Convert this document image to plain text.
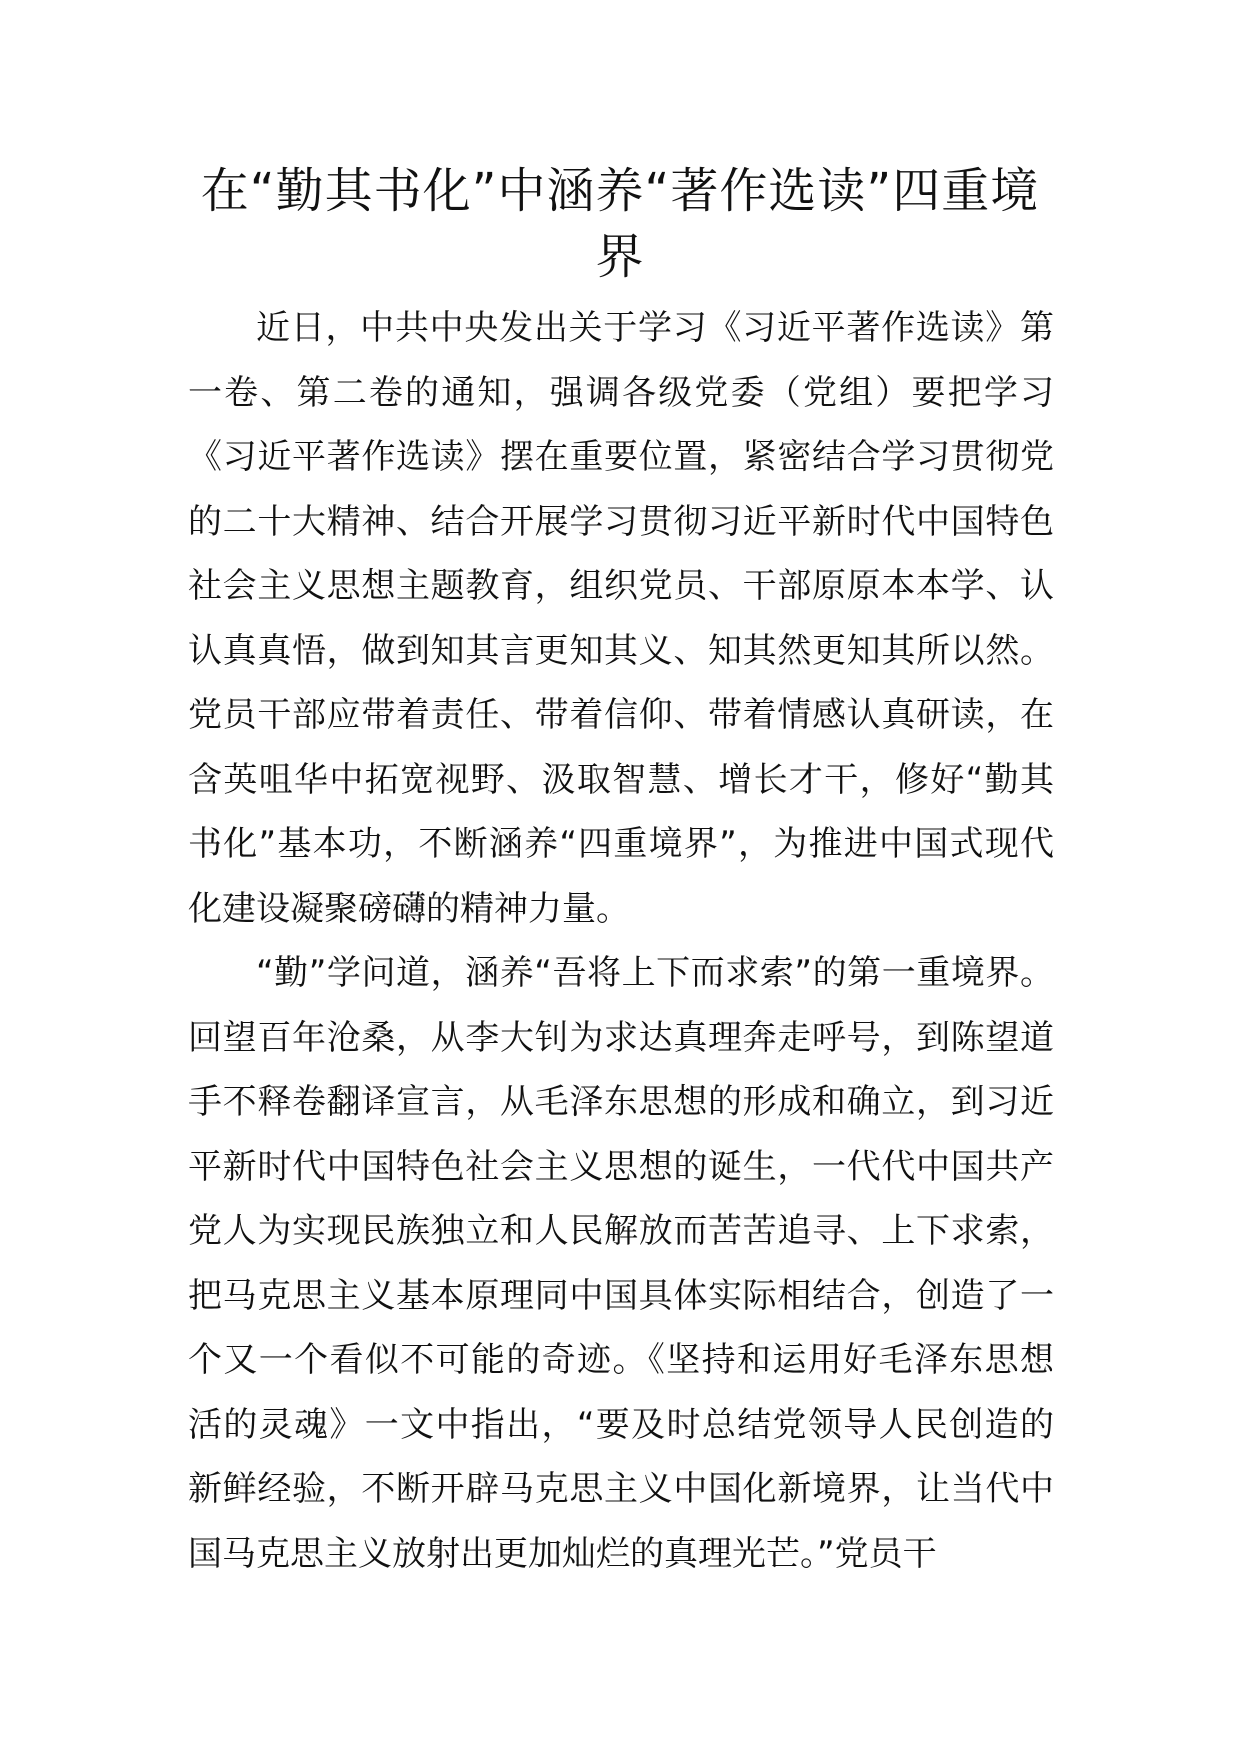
在“勤其书化”中涵养“著作选读”四重境界

近日，中共中央发出关于学习《习近平著作选读》第一卷、第二卷的通知，强调各级党委（党组）要把学习《习近平著作选读》摆在重要位置，紧密结合学习贯彻党的二十大精神、结合开展学习贯彻习近平新时代中国特色社会主义思想主题教育，组织党员、干部原原本本学、认认真真悟，做到知其言更知其义、知其然更知其所以然。党员干部应带着责任、带着信仰、带着情感认真研读，在含英咀华中拓宽视野、汲取智慧、增长才干，修好“勤其书化”基本功，不断涵养“四重境界”，为推进中国式现代化建设凝聚磅礴的精神力量。

“勤”学问道，涵养“吾将上下而求索”的第一重境界。回望百年沧桑，从李大钊为求达真理奔走呼号，到陈望道手不释卷翻译宣言，从毛泽东思想的形成和确立，到习近平新时代中国特色社会主义思想的诞生，一代代中国共产党人为实现民族独立和人民解放而苦苦追寻、上下求索，把马克思主义基本原理同中国具体实际相结合，创造了一个又一个看似不可能的奇迹。《坚持和运用好毛泽东思想活的灵魂》一文中指出，“要及时总结党领导人民创造的新鲜经验，不断开辟马克思主义中国化新境界，让当代中国马克思主义放射出更加灿烂的真理光芒。”党员干
